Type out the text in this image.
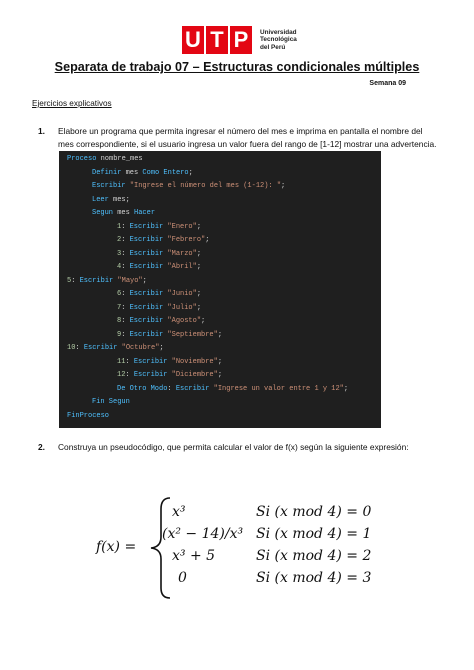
U T P	Universidad
Tecnológica
del Perú
Separata de trabajo 07 – Estructuras condicionales múltiples
Semana 09
Ejercicios explicativos
1. Elabore un programa que permita ingresar el número del mes e imprima en pantalla el nombre del mes correspondiente, si el usuario ingresa un valor fuera del rango de [1-12] mostrar una advertencia.
Proceso nombre_mes
Definir mes Como Entero;
Escribir "Ingrese el número del mes (1-12): ";
Leer mes;
Segun mes Hacer
1: Escribir "Enero";
2: Escribir "Febrero";
3: Escribir "Marzo";
4: Escribir "Abril";
5: Escribir "Mayo";
6: Escribir "Junio";
7: Escribir "Julio";
8: Escribir "Agosto";
9: Escribir "Septiembre";
10: Escribir "Octubre";
11: Escribir "Noviembre";
12: Escribir "Diciembre";
De Otro Modo: Escribir "Ingrese un valor entre 1 y 12";
Fin Segun
FinProceso
2. Construya un pseudocódigo, que permita calcular el valor de f(x) según la siguiente expresión:
f(x) =
x³	Si (x mod 4) = 0
(x² − 14)/x³ Si (x mod 4) = 1
x³ + 5	Si (x mod 4) = 2
0	Si (x mod 4) = 3
